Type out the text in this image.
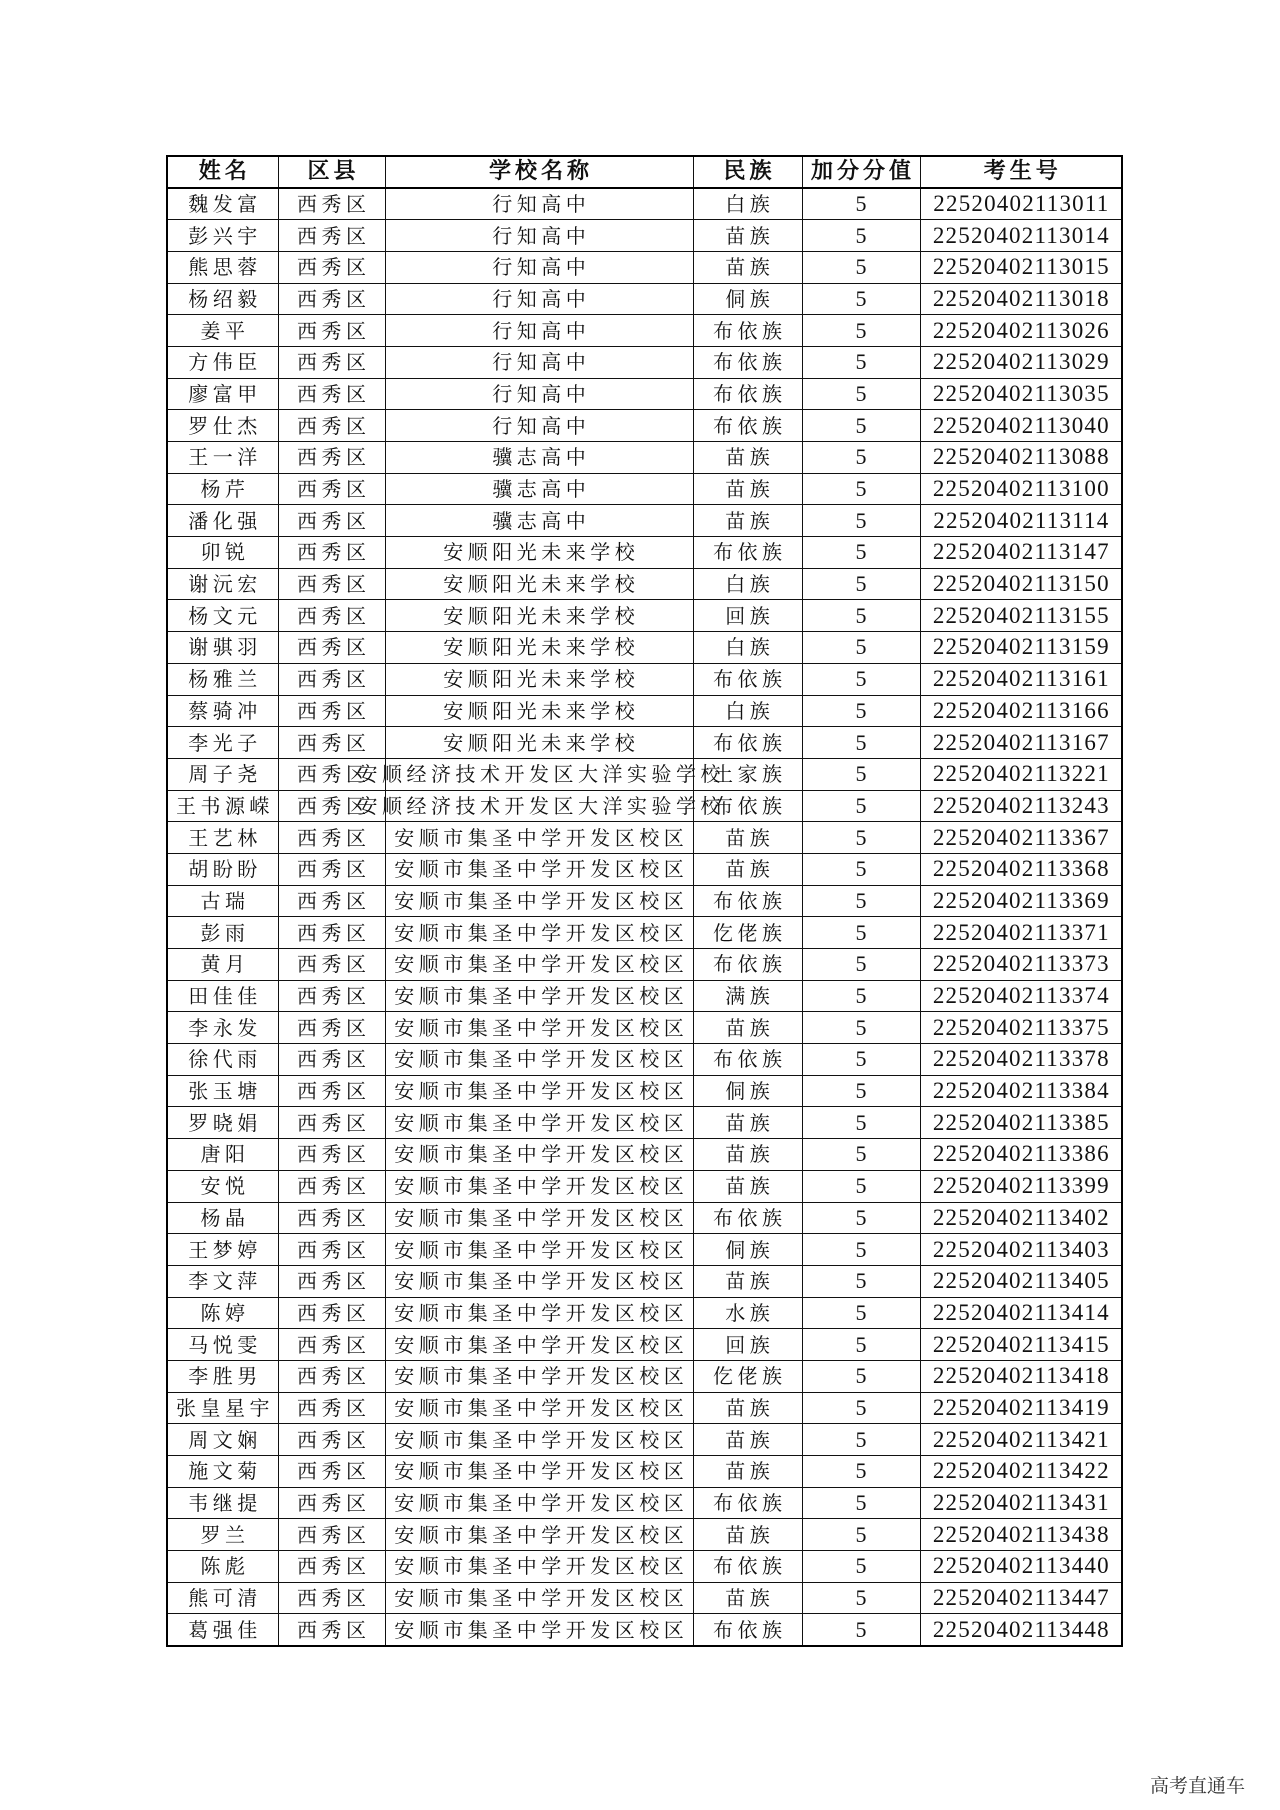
姓名	区县	学校名称	民族	加分分值	考生号

魏发富	西秀区	行知高中	白族	5	22520402113011

彭兴宇	西秀区	行知高中	苗族	5	22520402113014

熊思蓉	西秀区	行知高中	苗族	5	22520402113015

杨绍毅	西秀区	行知高中	侗族	5	22520402113018

姜平	西秀区	行知高中	布依族	5	22520402113026

方伟臣	西秀区	行知高中	布依族	5	22520402113029

廖富甲	西秀区	行知高中	布依族	5	22520402113035

罗仕杰	西秀区	行知高中	布依族	5	22520402113040

王一洋	西秀区	骥志高中	苗族	5	22520402113088

杨芹	西秀区	骥志高中	苗族	5	22520402113100

潘化强	西秀区	骥志高中	苗族	5	22520402113114

卯锐	西秀区	安顺阳光未来学校	布依族	5	22520402113147

谢沅宏	西秀区	安顺阳光未来学校	白族	5	22520402113150

杨文元	西秀区	安顺阳光未来学校	回族	5	22520402113155

谢骐羽	西秀区	安顺阳光未来学校	白族	5	22520402113159

杨雅兰	西秀区	安顺阳光未来学校	布依族	5	22520402113161

蔡骑冲	西秀区	安顺阳光未来学校	白族	5	22520402113166

李光子	西秀区	安顺阳光未来学校	布依族	5	22520402113167

周子尧	西秀区	安顺经济技术开发区大洋实验学校	土家族	5	22520402113221

王书源嵘	西秀区	安顺经济技术开发区大洋实验学校	布依族	5	22520402113243

王艺林	西秀区	安顺市集圣中学开发区校区	苗族	5	22520402113367

胡盼盼	西秀区	安顺市集圣中学开发区校区	苗族	5	22520402113368

古瑞	西秀区	安顺市集圣中学开发区校区	布依族	5	22520402113369

彭雨	西秀区	安顺市集圣中学开发区校区	仡佬族	5	22520402113371

黄月	西秀区	安顺市集圣中学开发区校区	布依族	5	22520402113373

田佳佳	西秀区	安顺市集圣中学开发区校区	满族	5	22520402113374

李永发	西秀区	安顺市集圣中学开发区校区	苗族	5	22520402113375

徐代雨	西秀区	安顺市集圣中学开发区校区	布依族	5	22520402113378

张玉塘	西秀区	安顺市集圣中学开发区校区	侗族	5	22520402113384

罗晓娟	西秀区	安顺市集圣中学开发区校区	苗族	5	22520402113385

唐阳	西秀区	安顺市集圣中学开发区校区	苗族	5	22520402113386

安悦	西秀区	安顺市集圣中学开发区校区	苗族	5	22520402113399

杨晶	西秀区	安顺市集圣中学开发区校区	布依族	5	22520402113402

王梦婷	西秀区	安顺市集圣中学开发区校区	侗族	5	22520402113403

李文萍	西秀区	安顺市集圣中学开发区校区	苗族	5	22520402113405

陈婷	西秀区	安顺市集圣中学开发区校区	水族	5	22520402113414

马悦雯	西秀区	安顺市集圣中学开发区校区	回族	5	22520402113415

李胜男	西秀区	安顺市集圣中学开发区校区	仡佬族	5	22520402113418

张皇星宇	西秀区	安顺市集圣中学开发区校区	苗族	5	22520402113419

周文娴	西秀区	安顺市集圣中学开发区校区	苗族	5	22520402113421

施文菊	西秀区	安顺市集圣中学开发区校区	苗族	5	22520402113422

韦继提	西秀区	安顺市集圣中学开发区校区	布依族	5	22520402113431

罗兰	西秀区	安顺市集圣中学开发区校区	苗族	5	22520402113438

陈彪	西秀区	安顺市集圣中学开发区校区	布依族	5	22520402113440

熊可清	西秀区	安顺市集圣中学开发区校区	苗族	5	22520402113447

葛强佳	西秀区	安顺市集圣中学开发区校区	布依族	5	22520402113448
高考直通车
